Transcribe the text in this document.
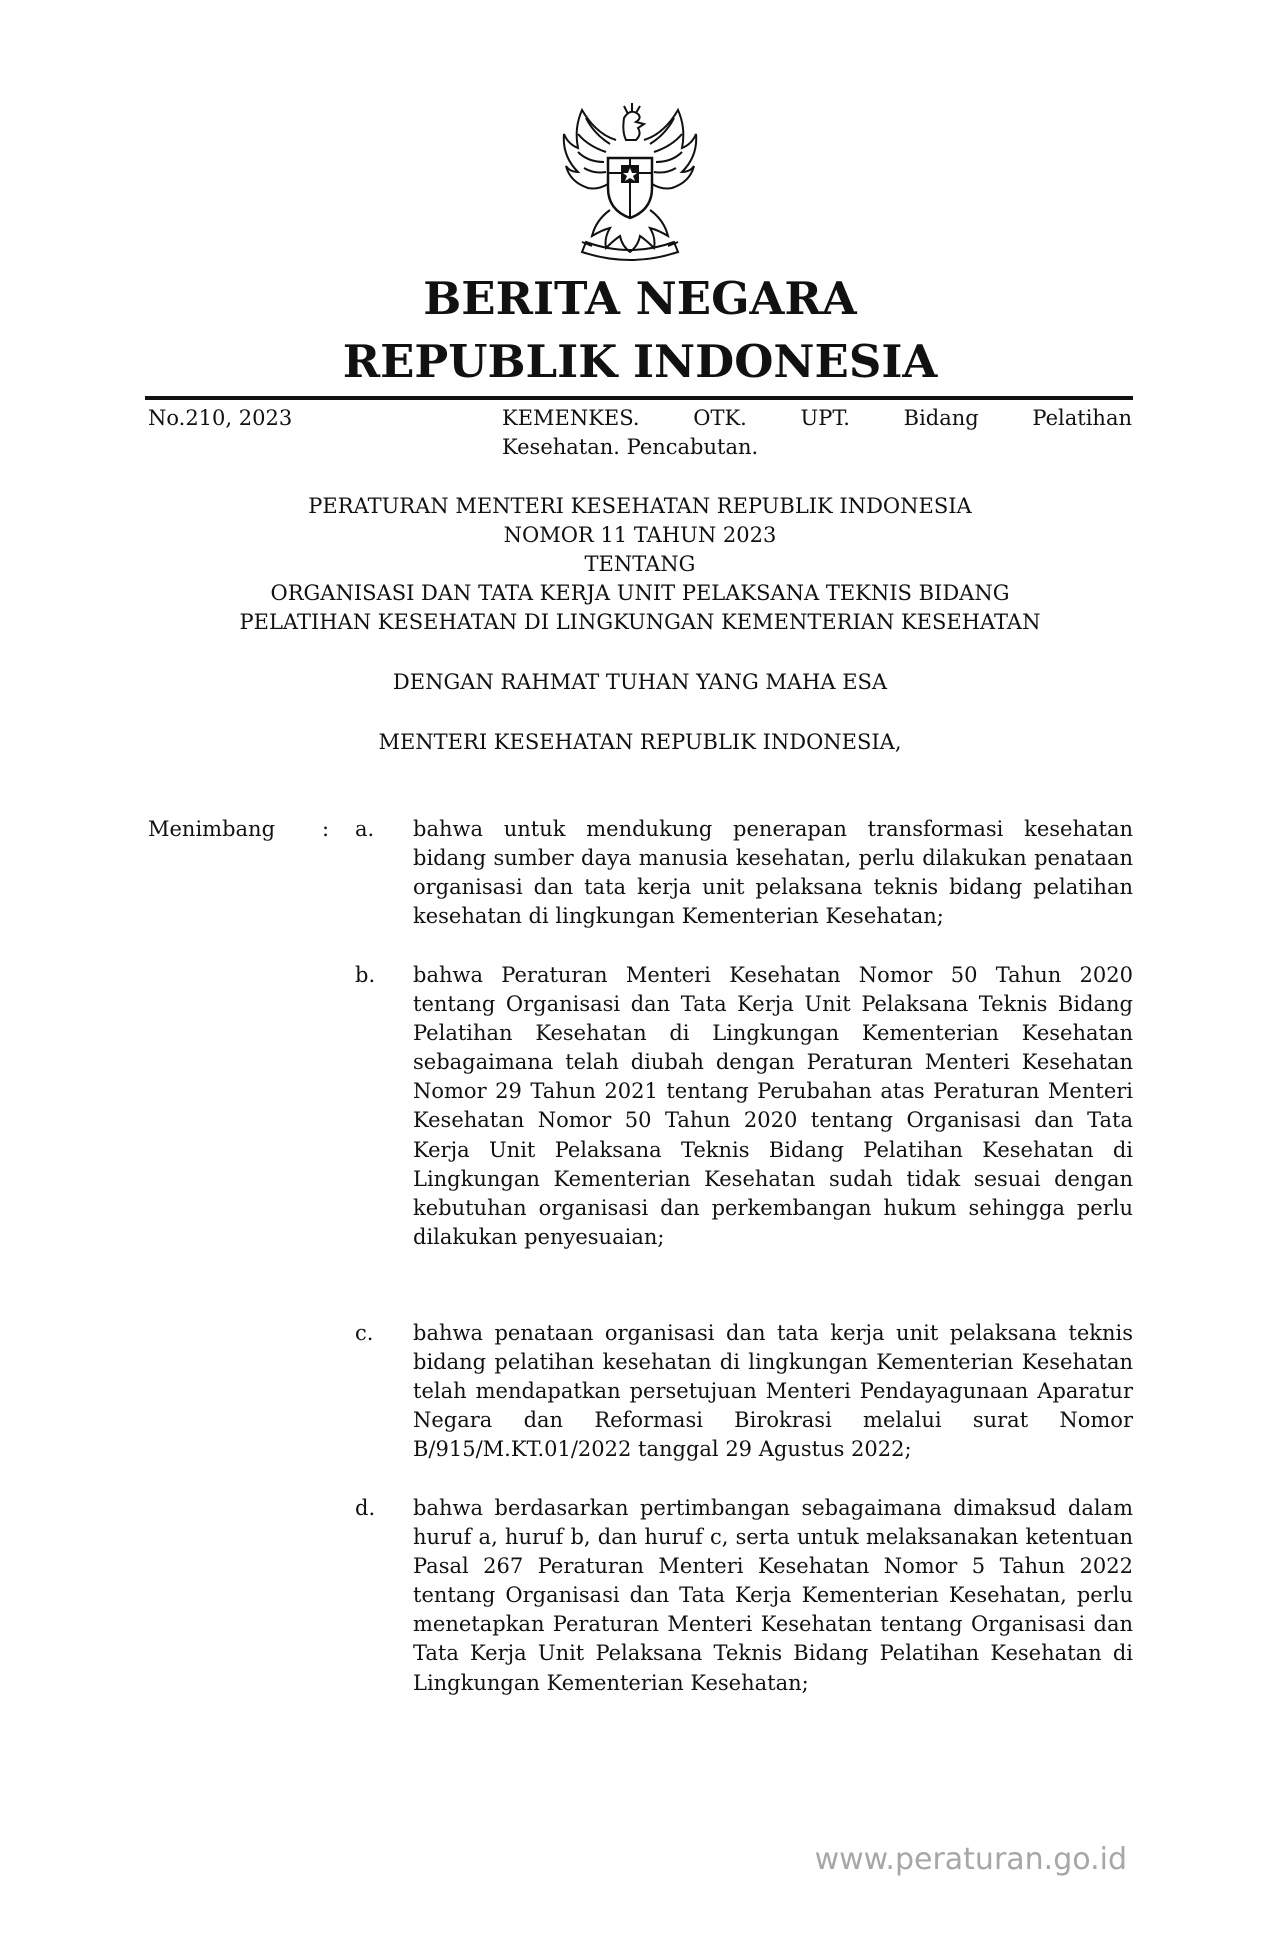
BERITA NEGARA
REPUBLIK INDONESIA
No.210, 2023	KEMENKES. OTK. UPT. Bidang Pelatihan
Kesehatan. Pencabutan.
PERATURAN MENTERI KESEHATAN REPUBLIK INDONESIA
NOMOR 11 TAHUN 2023
TENTANG
ORGANISASI DAN TATA KERJA UNIT PELAKSANA TEKNIS BIDANG
PELATIHAN KESEHATAN DI LINGKUNGAN KEMENTERIAN KESEHATAN
DENGAN RAHMAT TUHAN YANG MAHA ESA
MENTERI KESEHATAN REPUBLIK INDONESIA,
Menimbang : a. bahwa untuk mendukung penerapan transformasi kesehatan bidang sumber daya manusia kesehatan, perlu dilakukan penataan organisasi dan tata kerja unit pelaksana teknis bidang pelatihan kesehatan di lingkungan Kementerian Kesehatan;
b. bahwa Peraturan Menteri Kesehatan Nomor 50 Tahun 2020 tentang Organisasi dan Tata Kerja Unit Pelaksana Teknis Bidang Pelatihan Kesehatan di Lingkungan Kementerian Kesehatan sebagaimana telah diubah dengan Peraturan Menteri Kesehatan Nomor 29 Tahun 2021 tentang Perubahan atas Peraturan Menteri Kesehatan Nomor 50 Tahun 2020 tentang Organisasi dan Tata Kerja Unit Pelaksana Teknis Bidang Pelatihan Kesehatan di Lingkungan Kementerian Kesehatan sudah tidak sesuai dengan kebutuhan organisasi dan perkembangan hukum sehingga perlu dilakukan penyesuaian;
c. bahwa penataan organisasi dan tata kerja unit pelaksana teknis bidang pelatihan kesehatan di lingkungan Kementerian Kesehatan telah mendapatkan persetujuan Menteri Pendayagunaan Aparatur Negara dan Reformasi Birokrasi melalui surat Nomor B/915/M.KT.01/2022 tanggal 29 Agustus 2022;
d. bahwa berdasarkan pertimbangan sebagaimana dimaksud dalam huruf a, huruf b, dan huruf c, serta untuk melaksanakan ketentuan Pasal 267 Peraturan Menteri Kesehatan Nomor 5 Tahun 2022 tentang Organisasi dan Tata Kerja Kementerian Kesehatan, perlu menetapkan Peraturan Menteri Kesehatan tentang Organisasi dan Tata Kerja Unit Pelaksana Teknis Bidang Pelatihan Kesehatan di Lingkungan Kementerian Kesehatan;
www.peraturan.go.id
